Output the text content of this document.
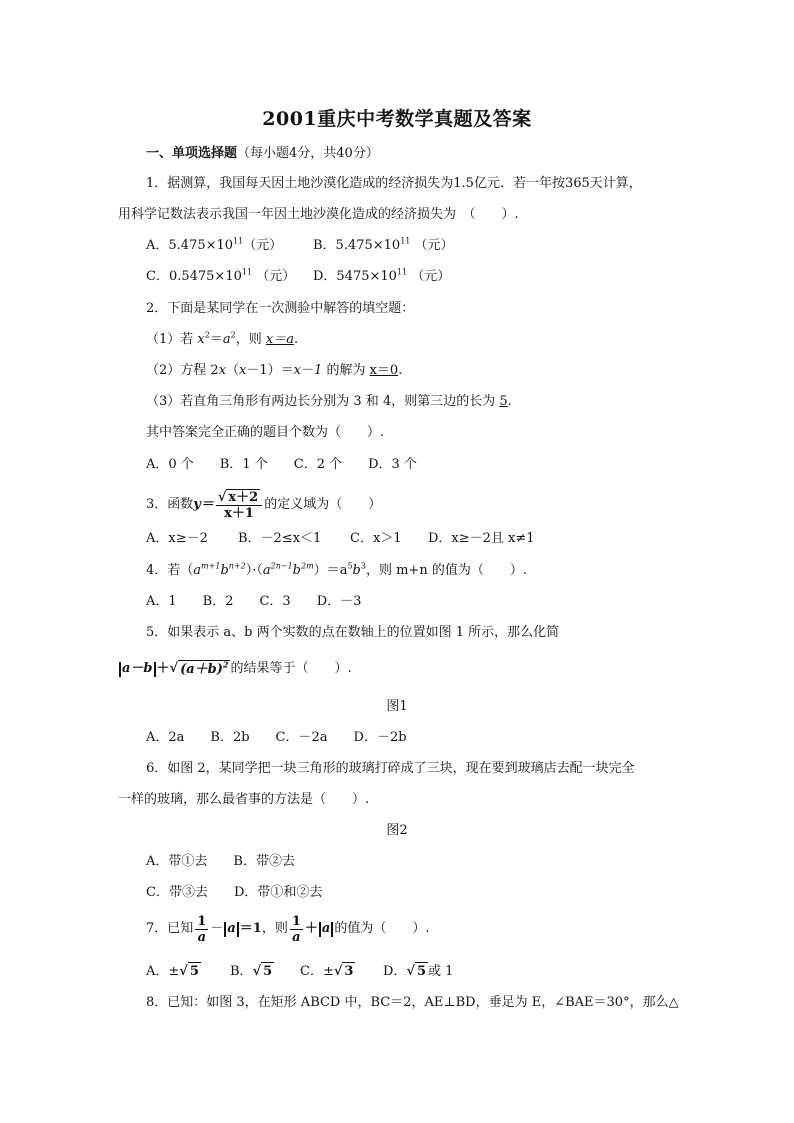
2001重庆中考数学真题及答案
一、单项选择题（每小题4分，共40分）
1．据测算，我国每天因土地沙漠化造成的经济损失为1.5亿元．若一年按365天计算，
用科学记数法表示我国一年因土地沙漠化造成的经济损失为　（　　）.
A．$5.475\times 10^{11}$（元） B．$5.475\times 10^{11}$ （元）
C．$0.5475\times 10^{11}$ （元） D．$5475\times 10^{11}$ （元）
2．下面是某同学在一次测验中解答的填空题：
（1）若 $x^2=a^2$，则 x＝a.
（2）方程 2x（x－1）＝x－1 的解为 x＝0.
（3）若直角三角形有两边长分别为 3 和 4，则第三边的长为 5.
其中答案完全正确的题目个数为（　　）.
A．0 个　　B．1 个　　C．2 个　　D．3 个
3．函数 $y= \frac{√ x+2}{x+1}$ 的定义域为（　　）
A．x≥－2 B．－2≤x＜1 C．x＞1 D．x≥－2且 x≠1
4．若$(a^{m+1}b^{n+2})\cdot(a^{2n-1}b^{2m})=a^5b^3$，则 m+n 的值为（　　）.
A．1　　B．2　　C．3　　D．－3
5．如果表示 a、b 两个实数的点在数轴上的位置如图 1 所示，那么化简
a－b ＋ √ $(a+b)^2$ 的结果等于（　　）.
图1
A．2a　　B．2b　　C．－2a　　D．－2b
6．如图 2，某同学把一块三角形的玻璃打碎成了三块，现在要到玻璃店去配一块完全
一样的玻璃，那么最省事的方法是（　　）.
图2
A．带①去　　B．带②去
C．带③去　　D．带①和②去
7．已知 $\frac{1}{a} - a =1$ ，则 $\frac{1}{a} + a$ 的值为（　　）.
A．±√ 5 B．√ 5 C．±√ 3 D．√ 5 或 1
8．已知：如图 3，在矩形 ABCD 中，BC＝2，AE⊥BD，垂足为 E，∠BAE＝30°，那么△
